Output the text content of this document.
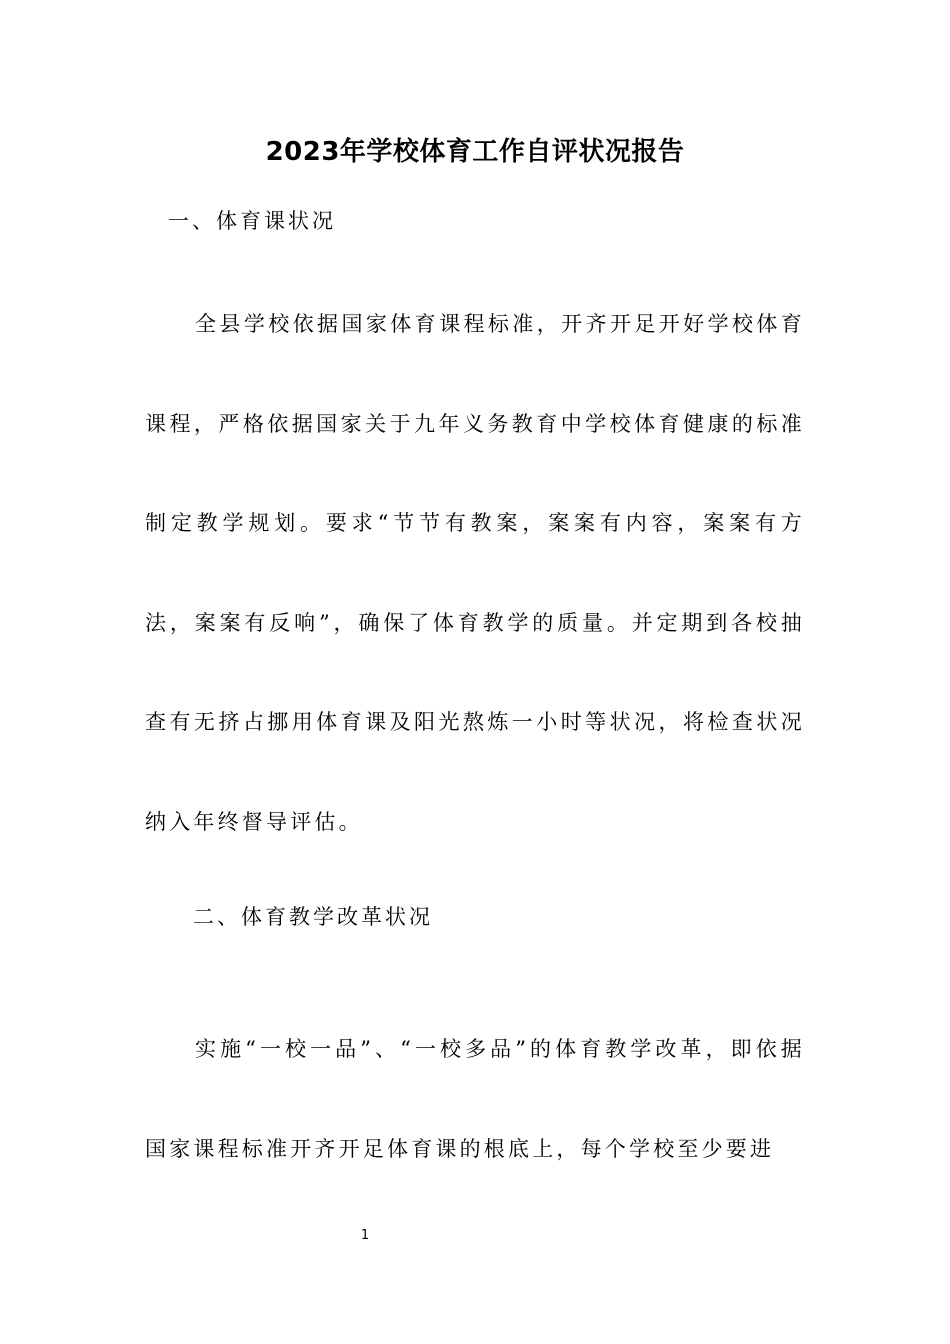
2023年学校体育工作自评状况报告
一、体育课状况
全县学校依据国家体育课程标准，开齐开足开好学校体育课程，严格依据国家关于九年义务教育中学校体育健康的标准制定教学规划。要求“节节有教案，案案有内容，案案有方法，案案有反响”，确保了体育教学的质量。并定期到各校抽查有无挤占挪用体育课及阳光熬炼一小时等状况，将检查状况纳入年终督导评估。
二、体育教学改革状况
实施“一校一品”、“一校多品”的体育教学改革，即依据国家课程标准开齐开足体育课的根底上，每个学校至少要进
1
